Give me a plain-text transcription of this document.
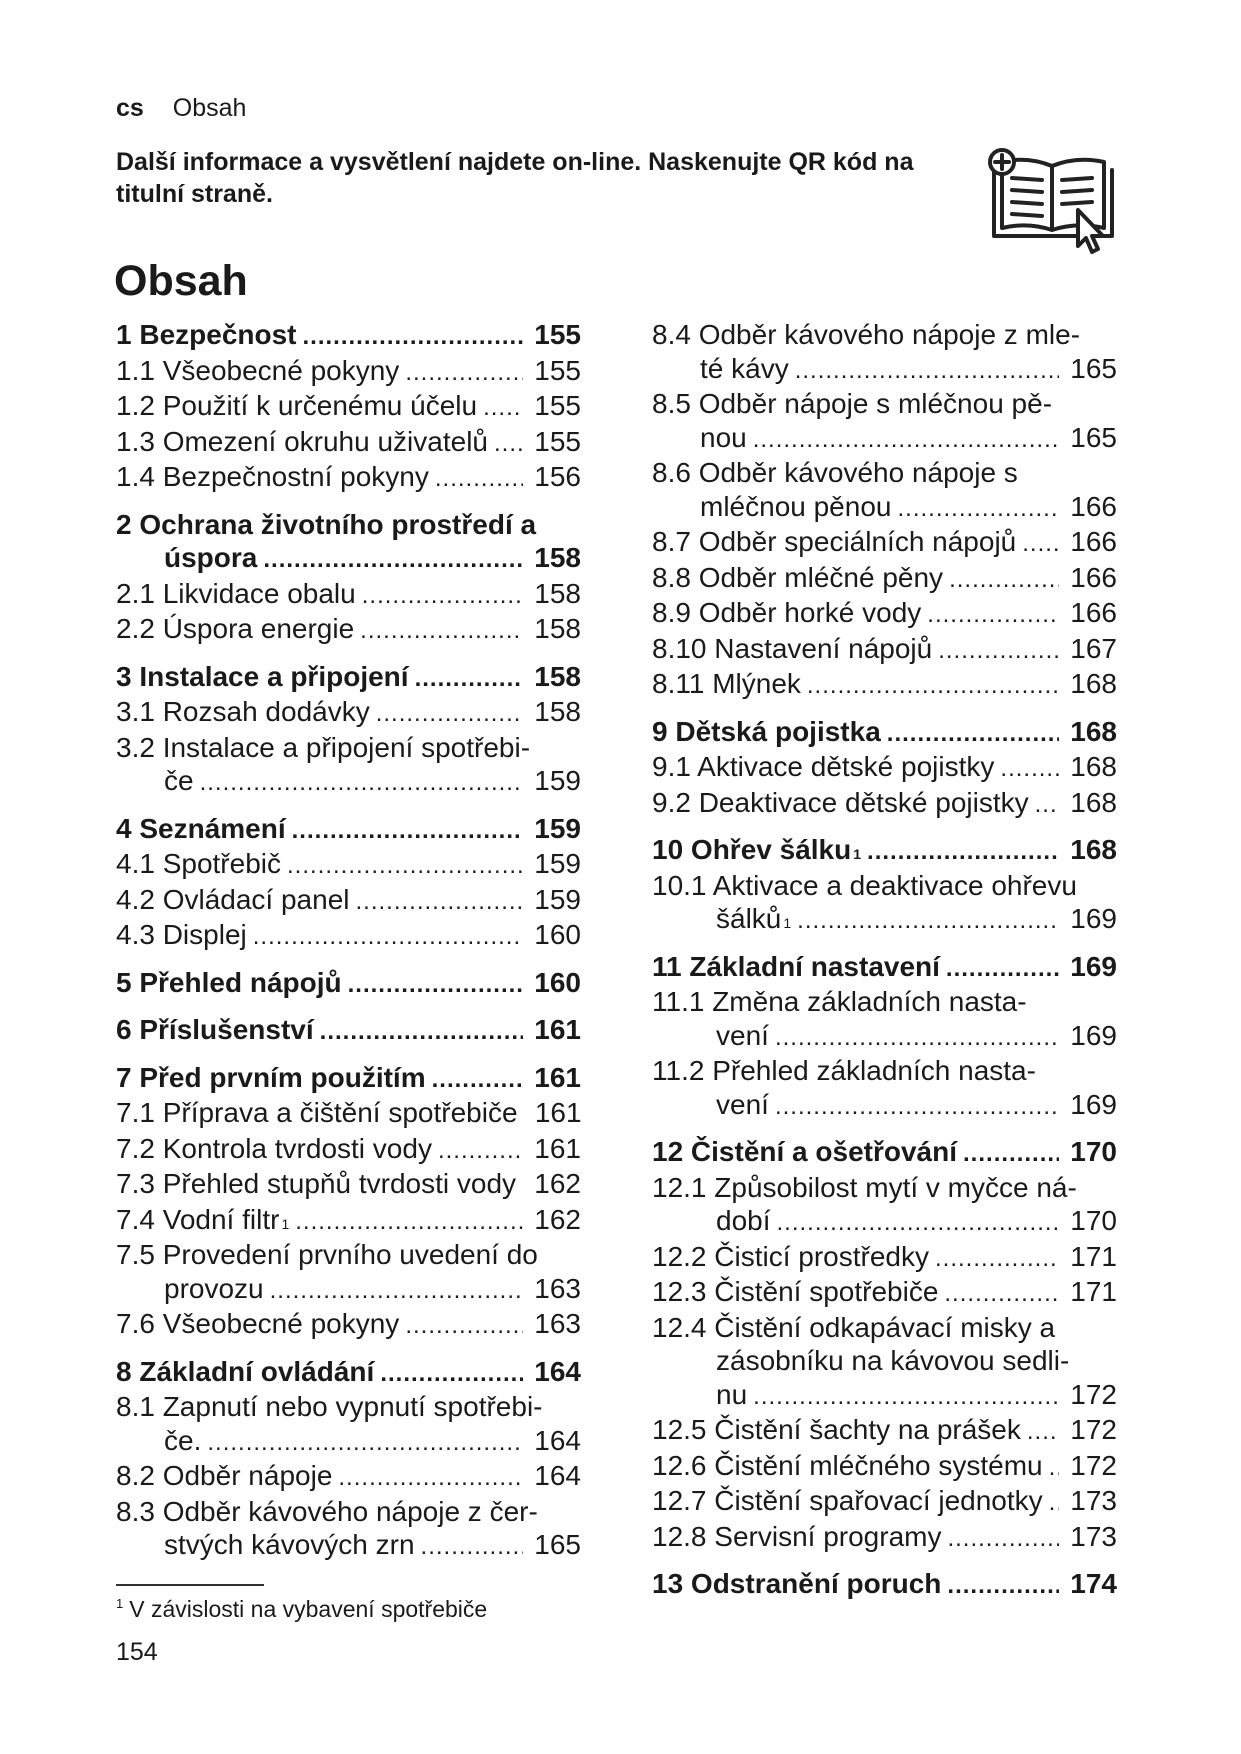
cs Obsah
Další informace a vysvětlení najdete on-line. Naskenujte QR kód na titulní straně.
Obsah
1 Bezpečnost .....	155
1.1 Všeobecné pokyny .....	155
1.2 Použití k určenému účelu ..... 155
1.3 Omezení okruhu uživatelů ..... 155
1.4 Bezpečnostní pokyny .....	156
2 Ochrana životního prostředí a
úspora .....	158
2.1 Likvidace obalu .....	158
2.2 Úspora energie .....	158
3 Instalace a připojení .....	158
3.1 Rozsah dodávky .....	158
3.2 Instalace a připojení spotřebi-
če .....	159
4 Seznámení .....	159
4.1 Spotřebič .....	159
4.2 Ovládací panel .....	159
4.3 Displej .....	160
5 Přehled nápojů .....	160
6 Příslušenství .....	161
7 Před prvním použitím .....	161
7.1 Příprava a čištění spotřebiče 161
7.2 Kontrola tvrdosti vody .....	161
7.3 Přehled stupňů tvrdosti vody ..... 162
7.4 Vodní filtr 1 .....	162
7.5 Provedení prvního uvedení do
provozu .....	163
7.6 Všeobecné pokyny .....	163
8 Základní ovládání .....	164
8.1 Zapnutí nebo vypnutí spotřebi-
če. .....	164
8.2 Odběr nápoje .....	164
8.3 Odběr kávového nápoje z čer-
stvých kávových zrn .....	165
8.4 Odběr kávového nápoje z mle-
té kávy .....	165
8.5 Odběr nápoje s mléčnou pě-
nou .....	165
8.6 Odběr kávového nápoje s
mléčnou pěnou .....	166
8.7 Odběr speciálních nápojů ..... 166
8.8 Odběr mléčné pěny .....	166
8.9 Odběr horké vody .....	166
8.10 Nastavení nápojů .....	167
8.11 Mlýnek .....	168
9 Dětská pojistka .....	168
9.1 Aktivace dětské pojistky .....	168
9.2 Deaktivace dětské pojistky ..... 168
10 Ohřev šálku 1 .....	168
10.1 Aktivace a deaktivace ohřevu
šálků 1 .....	169
11 Základní nastavení .....	169
11.1 Změna základních nasta-
vení .....	169
11.2 Přehled základních nasta-
vení .....	169
12 Čistění a ošetřování .....	170
12.1 Způsobilost mytí v myčce ná-
dobí .....	170
12.2 Čisticí prostředky .....	171
12.3 Čistění spotřebiče .....	171
12.4 Čistění odkapávací misky a
zásobníku na kávovou sedli-
nu .....	172
12.5 Čistění šachty na prášek ..... 172
12.6 Čistění mléčného systému ..... 172
12.7 Čistění spařovací jednotky ..... 173
12.8 Servisní programy .....	173
13 Odstranění poruch .....	174
$^1$ V závislosti na vybavení spotřebiče
154
